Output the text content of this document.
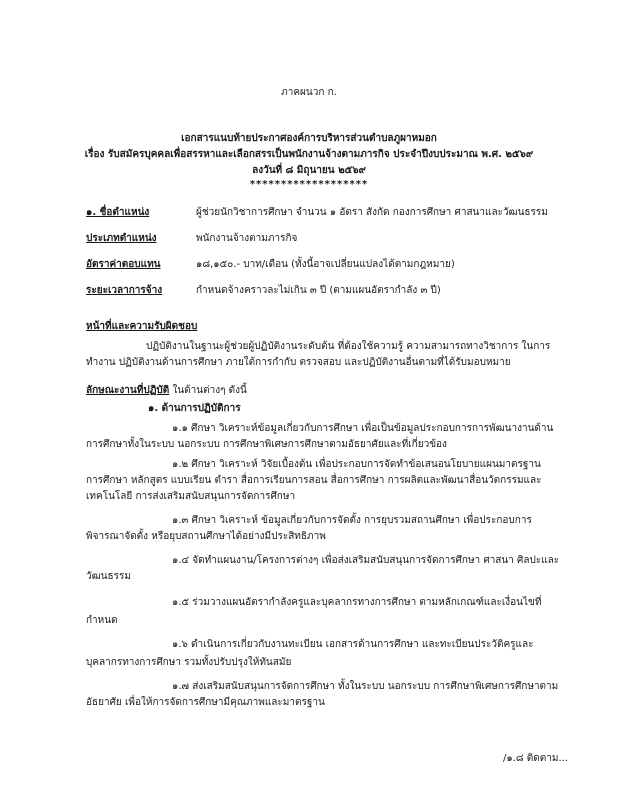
ภาคผนวก ก.
เอกสารแนบท้ายประกาศองค์การบริหารส่วนตำบลภูผาหมอก
เรื่อง รับสมัครบุคคลเพื่อสรรหาและเลือกสรรเป็นพนักงานจ้างตามภารกิจ ประจำปีงบประมาณ พ.ศ. ๒๕๖๙
ลงวันที่ ๘ มิถุนายน ๒๕๖๙
*******************
๑. ชื่อตำแหน่ง	ผู้ช่วยนักวิชาการศึกษา จำนวน ๑ อัตรา สังกัด กองการศึกษา ศาสนาและวัฒนธรรม
ประเภทตำแหน่ง	พนักงานจ้างตามภารกิจ
อัตราค่าตอบแทน	๑๘,๑๕๐.- บาท/เดือน (ทั้งนี้อาจเปลี่ยนแปลงได้ตามกฎหมาย)
ระยะเวลาการจ้าง	กำหนดจ้างคราวละไม่เกิน ๓ ปี (ตามแผนอัตรากำลัง ๓ ปี)
หน้าที่และความรับผิดชอบ
ปฏิบัติงานในฐานะผู้ช่วยผู้ปฏิบัติงานระดับต้น ที่ต้องใช้ความรู้ ความสามารถทางวิชาการ ในการ
ทำงาน ปฏิบัติงานด้านการศึกษา ภายใต้การกำกับ ตรวจสอบ และปฏิบัติงานอื่นตามที่ได้รับมอบหมาย
ลักษณะงานที่ปฏิบัติ ในด้านต่างๆ ดังนี้
๑. ด้านการปฏิบัติการ
๑.๑ ศึกษา วิเคราะห์ข้อมูลเกี่ยวกับการศึกษา เพื่อเป็นข้อมูลประกอบการการพัฒนางานด้าน
การศึกษาทั้งในระบบ นอกระบบ การศึกษาพิเศษการศึกษาตามอัธยาศัยและที่เกี่ยวข้อง
๑.๒ ศึกษา วิเคราะห์ วิจัยเบื้องต้น เพื่อประกอบการจัดทำข้อเสนอนโยบายแผนมาตรฐาน
การศึกษา หลักสูตร แบบเรียน ตำรา สื่อการเรียนการสอน สื่อการศึกษา การผลิตและพัฒนาสื่อนวัตกรรมและ
เทคโนโลยี การส่งเสริมสนับสนุนการจัดการศึกษา
๑.๓ ศึกษา วิเคราะห์ ข้อมูลเกี่ยวกับการจัดตั้ง การยุบรวมสถานศึกษา เพื่อประกอบการ
พิจารณาจัดตั้ง หรือยุบสถานศึกษาได้อย่างมีประสิทธิภาพ
๑.๔ จัดทำแผนงาน/โครงการต่างๆ เพื่อส่งเสริมสนับสนุนการจัดการศึกษา ศาสนา ศิลปะและ
วัฒนธรรม
๑.๕ ร่วมวางแผนอัตรากำลังครูและบุคลากรทางการศึกษา ตามหลักเกณฑ์และเงื่อนไขที่
กำหนด
๑.๖ ดำเนินการเกี่ยวกับงานทะเบียน เอกสารด้านการศึกษา และทะเบียนประวัติครูและ
บุคลากรทางการศึกษา รวมทั้งปรับปรุงให้ทันสมัย
๑.๗ ส่งเสริมสนับสนุนการจัดการศึกษา ทั้งในระบบ นอกระบบ การศึกษาพิเศษการศึกษาตาม
อัธยาศัย เพื่อให้การจัดการศึกษามีคุณภาพและมาตรฐาน
/๑.๘ ติดตาม...
